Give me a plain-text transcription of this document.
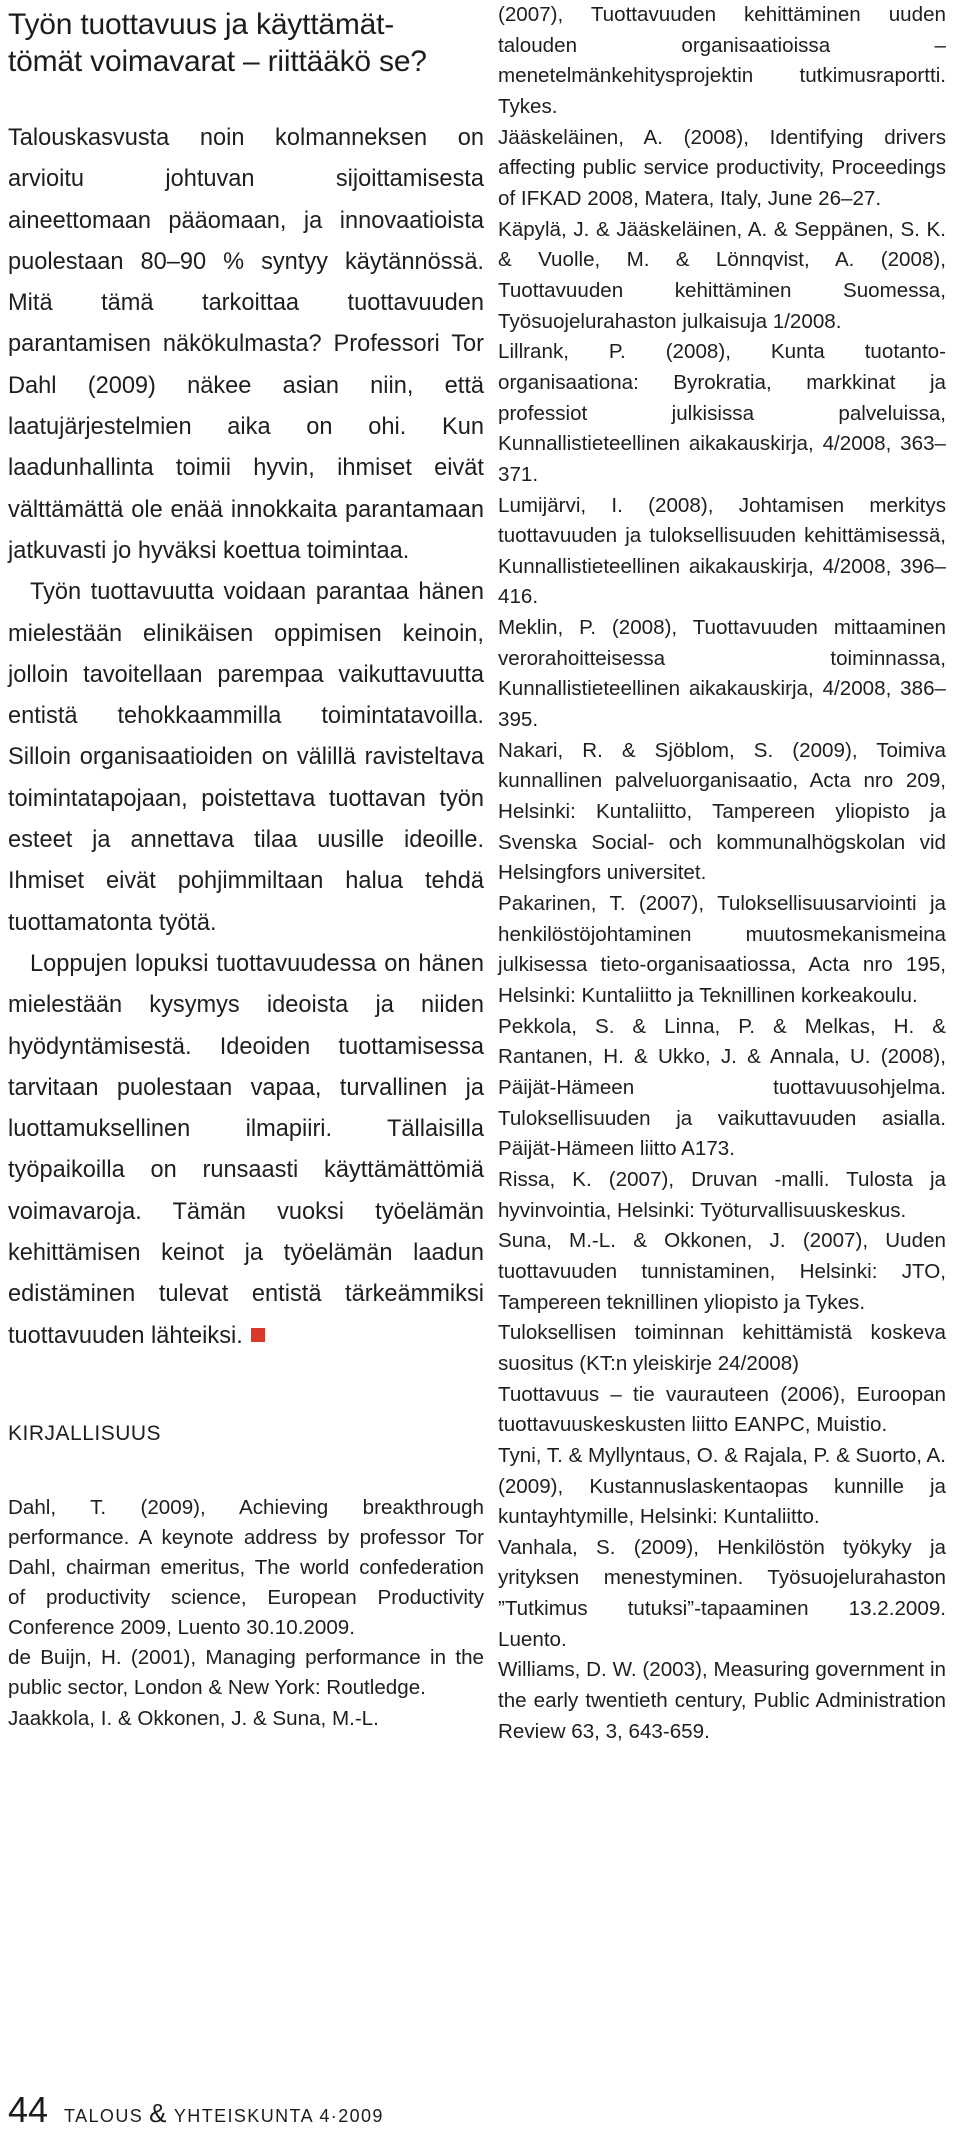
Työn tuottavuus ja käyttämät-
tömät voimavarat – riittääkö se?

Talouskasvusta noin kolmanneksen on arvioitu johtuvan sijoittamisesta aineettomaan pääomaan, ja innovaatioista puolestaan 80–90 % syntyy käytännössä. Mitä tämä tarkoittaa tuottavuuden parantamisen näkökulmasta? Professori Tor Dahl (2009) näkee asian niin, että laatujärjestelmien aika on ohi. Kun laadunhallinta toimii hyvin, ihmiset eivät välttämättä ole enää innokkaita parantamaan jatkuvasti jo hyväksi koettua toimintaa.

Työn tuottavuutta voidaan parantaa hänen mielestään elinikäisen oppimisen keinoin, jolloin tavoitellaan parempaa vaikuttavuutta entistä tehokkaammilla toimintatavoilla. Silloin organisaatioiden on välillä ravisteltava toimintatapojaan, poistettava tuottavan työn esteet ja annettava tilaa uusille ideoille. Ihmiset eivät pohjimmiltaan halua tehdä tuottamatonta työtä.

Loppujen lopuksi tuottavuudessa on hänen mielestään kysymys ideoista ja niiden hyödyntämisestä. Ideoiden tuottamisessa tarvitaan puolestaan vapaa, turvallinen ja luottamuksellinen ilmapiiri. Tällaisilla työpaikoilla on runsaasti käyttämättömiä voimavaroja. Tämän vuoksi työelämän kehittämisen keinot ja työelämän laadun edistäminen tulevat entistä tärkeämmiksi tuottavuuden lähteiksi.

KIRJALLISUUS

Dahl, T. (2009), Achieving breakthrough performance. A keynote address by professor Tor Dahl, chairman emeritus, The world confederation of productivity science, European Productivity Conference 2009, Luento 30.10.2009.

de Buijn, H. (2001), Managing performance in the public sector, London & New York: Routledge.

Jaakkola, I. & Okkonen, J. & Suna, M.-L.

(2007), Tuottavuuden kehittäminen uuden talouden organisaatioissa – menetelmänkehitysprojektin tutkimusraportti. Tykes.

Jääskeläinen, A. (2008), Identifying drivers affecting public service productivity, Proceedings of IFKAD 2008, Matera, Italy, June 26–27.

Käpylä, J. & Jääskeläinen, A. & Seppänen, S. K. & Vuolle, M. & Lönnqvist, A. (2008), Tuottavuuden kehittäminen Suomessa, Työsuojelurahaston julkaisuja 1/2008.

Lillrank, P. (2008), Kunta tuotanto-organisaationa: Byrokratia, markkinat ja professiot julkisissa palveluissa, Kunnallistieteellinen aikakauskirja, 4/2008, 363–371.

Lumijärvi, I. (2008), Johtamisen merkitys tuottavuuden ja tuloksellisuuden kehittämisessä, Kunnallistieteellinen aikakauskirja, 4/2008, 396–416.

Meklin, P. (2008), Tuottavuuden mittaaminen verorahoitteisessa toiminnassa, Kunnallistieteellinen aikakauskirja, 4/2008, 386–395.

Nakari, R. & Sjöblom, S. (2009), Toimiva kunnallinen palveluorganisaatio, Acta nro 209, Helsinki: Kuntaliitto, Tampereen yliopisto ja Svenska Social- och kommunalhögskolan vid Helsingfors universitet.

Pakarinen, T. (2007), Tuloksellisuusarviointi ja henkilöstöjohtaminen muutosmekanismeina julkisessa tieto-organisaatiossa, Acta nro 195, Helsinki: Kuntaliitto ja Teknillinen korkeakoulu.

Pekkola, S. & Linna, P. & Melkas, H. & Rantanen, H. & Ukko, J. & Annala, U. (2008), Päijät-Hämeen tuottavuusohjelma. Tuloksellisuuden ja vaikuttavuuden asialla. Päijät-Hämeen liitto A173.

Rissa, K. (2007), Druvan -malli. Tulosta ja hyvinvointia, Helsinki: Työturvallisuuskeskus.

Suna, M.-L. & Okkonen, J. (2007), Uuden tuottavuuden tunnistaminen, Helsinki: JTO, Tampereen teknillinen yliopisto ja Tykes.

Tuloksellisen toiminnan kehittämistä koskeva suositus (KT:n yleiskirje 24/2008)

Tuottavuus – tie vaurauteen (2006), Euroopan tuottavuuskeskusten liitto EANPC, Muistio.

Tyni, T. & Myllyntaus, O. & Rajala, P. & Suorto, A. (2009), Kustannuslaskentaopas kunnille ja kuntayhtymille, Helsinki: Kuntaliitto.

Vanhala, S. (2009), Henkilöstön työkyky ja yrityksen menestyminen. Työsuojelurahaston ”Tutkimus tutuksi”-tapaaminen 13.2.2009. Luento.

Williams, D. W. (2003), Measuring government in the early twentieth century, Public Administration Review 63, 3, 643-659.

44 TALOUS & YHTEISKUNTA 4·2009
